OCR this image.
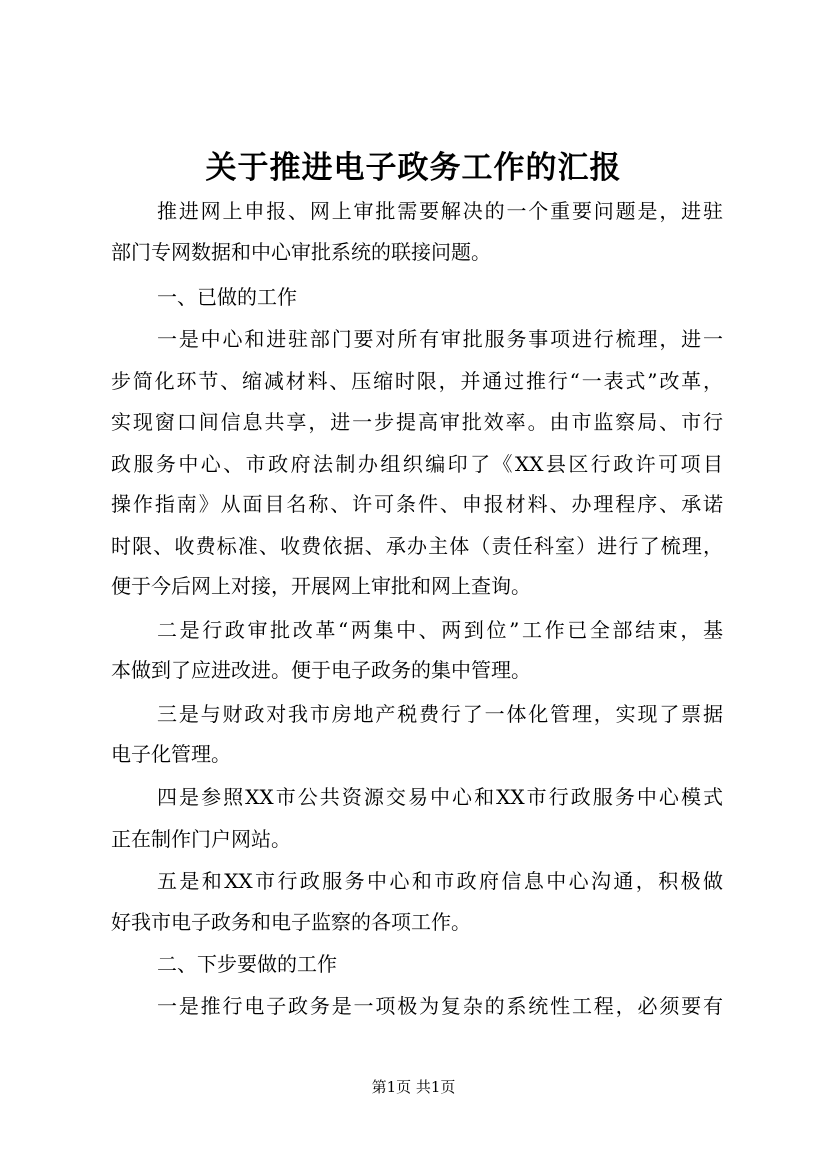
关于推进电子政务工作的汇报
推进网上申报、网上审批需要解决的一个重要问题是，进驻
部门专网数据和中心审批系统的联接问题。
一、已做的工作
一是中心和进驻部门要对所有审批服务事项进行梳理，进一
步简化环节、缩减材料、压缩时限，并通过推行“一表式”改革，
实现窗口间信息共享，进一步提高审批效率。由市监察局、市行
政服务中心、市政府法制办组织编印了《XX县区行政许可项目
操作指南》从面目名称、许可条件、申报材料、办理程序、承诺
时限、收费标准、收费依据、承办主体（责任科室）进行了梳理，
便于今后网上对接，开展网上审批和网上查询。
二是行政审批改革“两集中、两到位”工作已全部结束，基
本做到了应进改进。便于电子政务的集中管理。
三是与财政对我市房地产税费行了一体化管理，实现了票据
电子化管理。
四是参照XX市公共资源交易中心和XX市行政服务中心模式
正在制作门户网站。
五是和XX市行政服务中心和市政府信息中心沟通，积极做
好我市电子政务和电子监察的各项工作。
二、下步要做的工作
一是推行电子政务是一项极为复杂的系统性工程，必须要有
第1页 共1页
